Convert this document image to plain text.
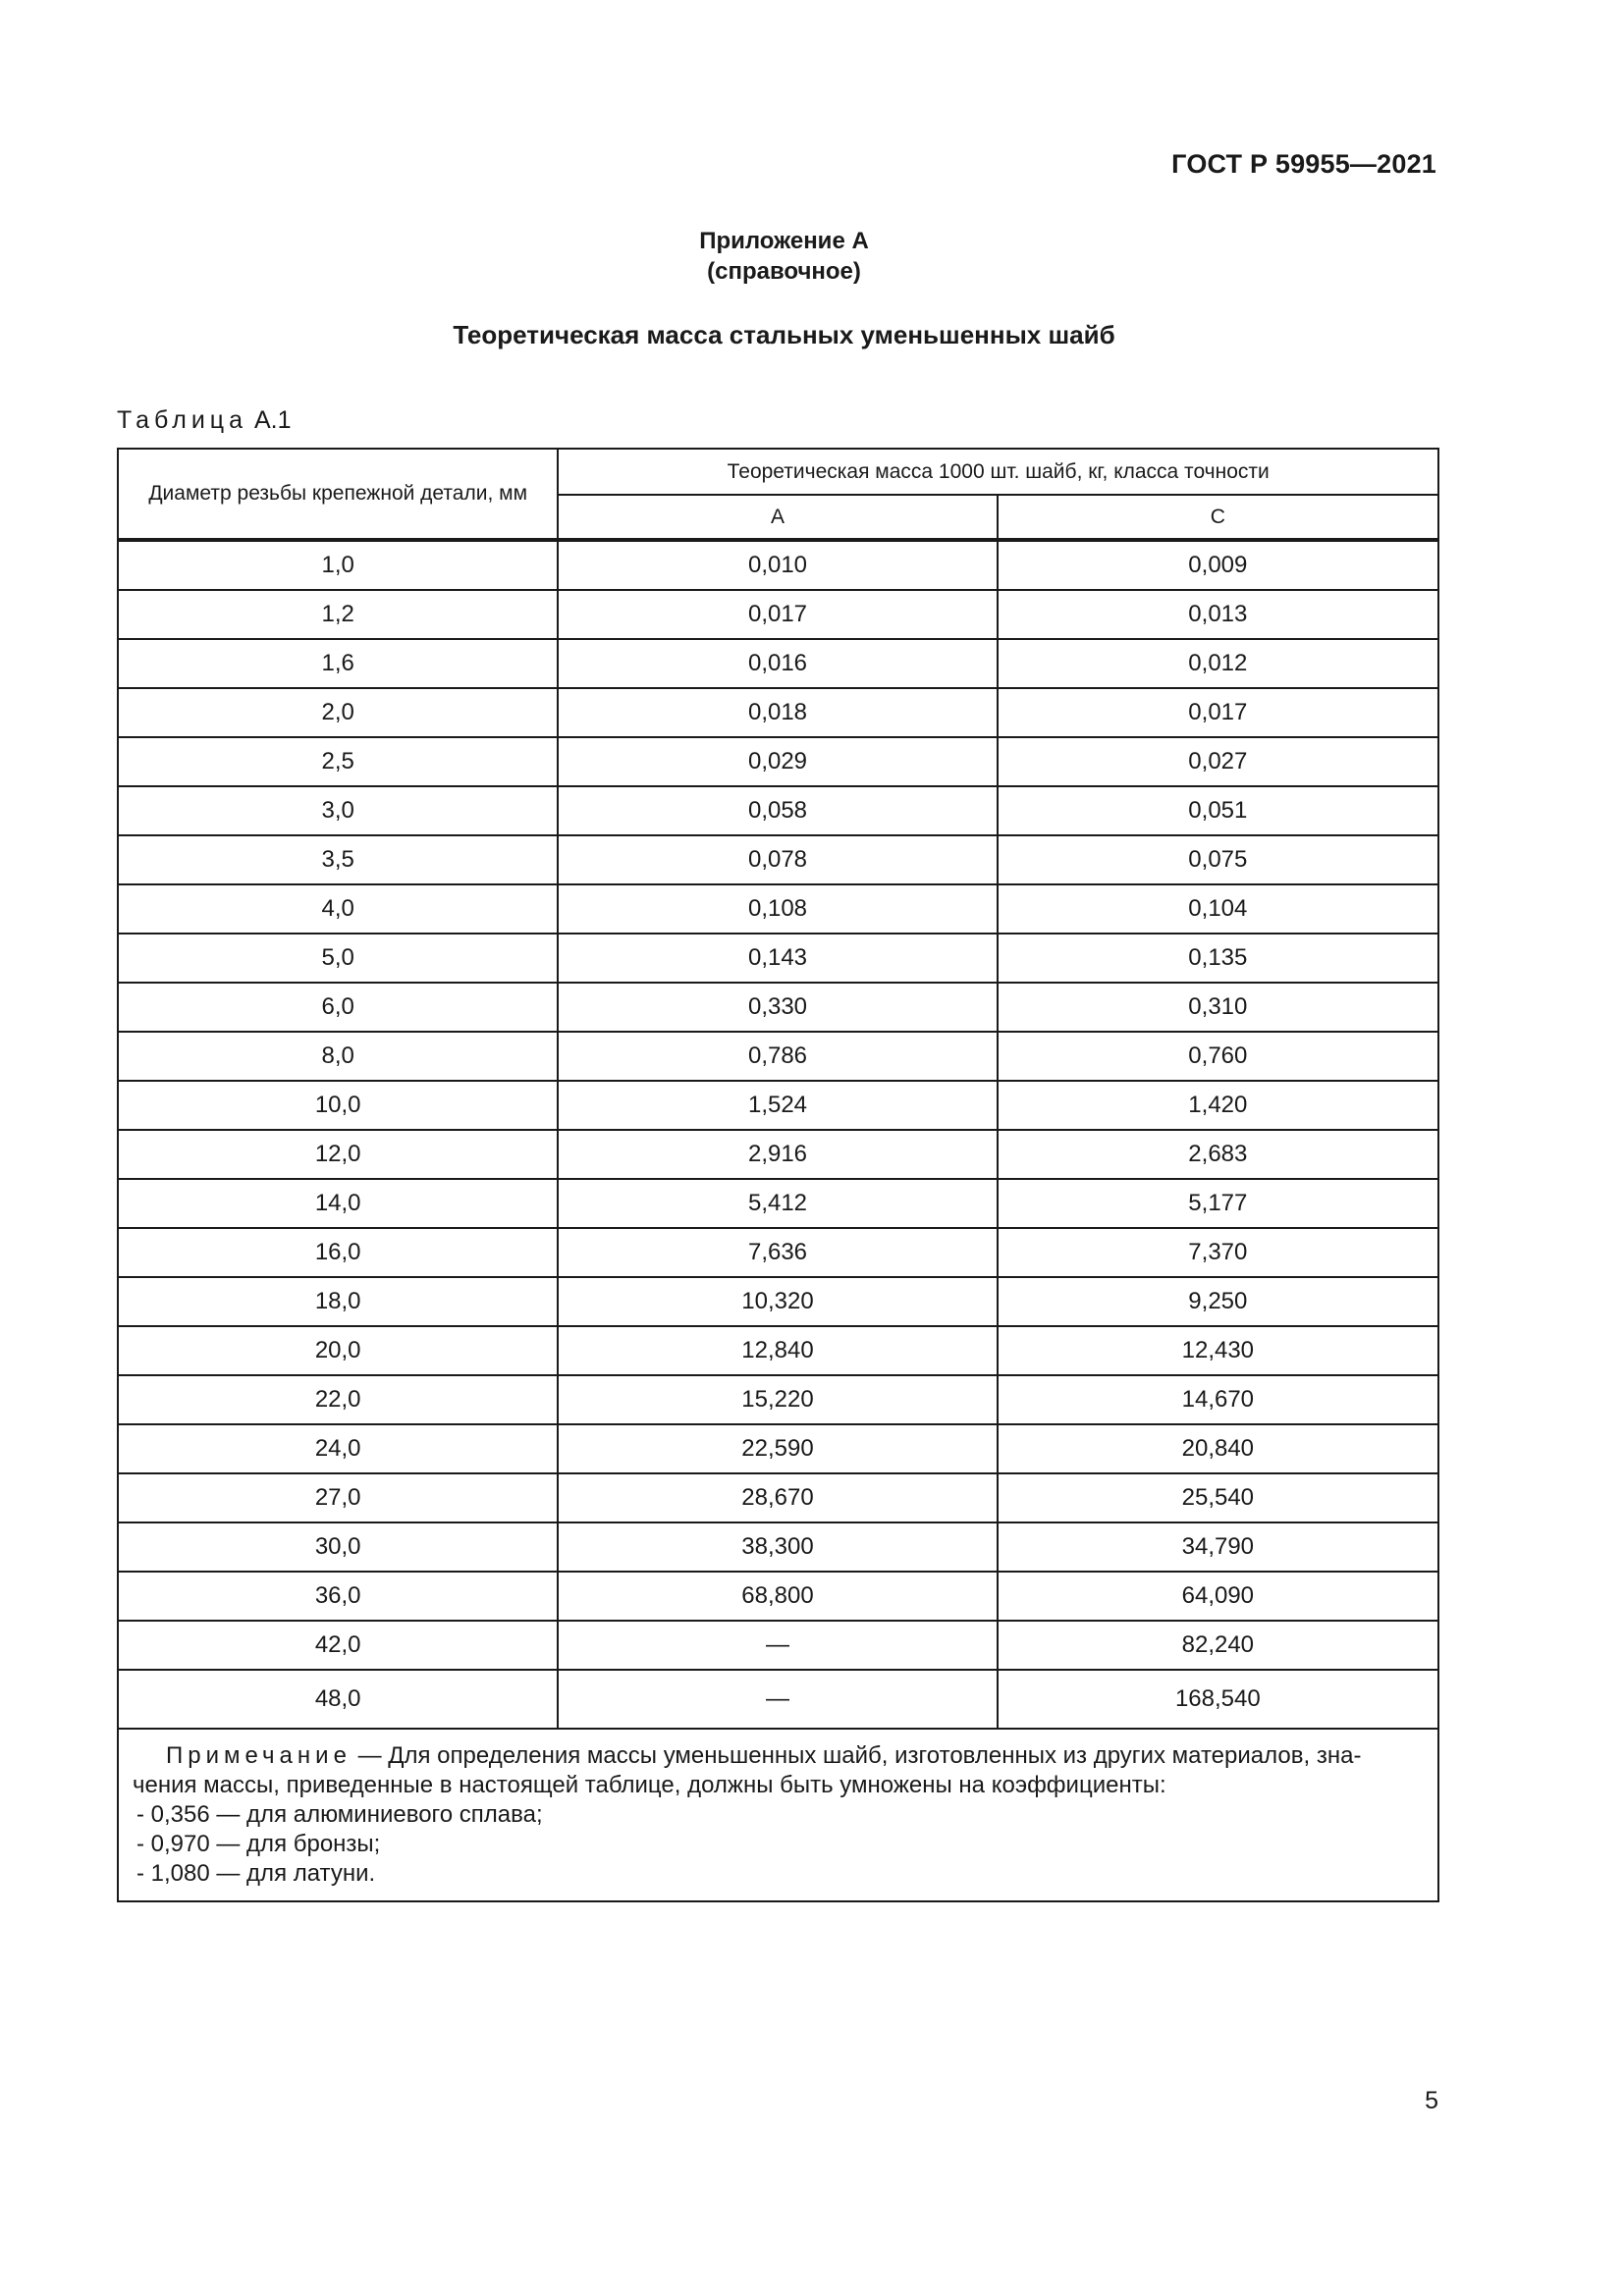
ГОСТ Р 59955—2021
Приложение А
(справочное)
Теоретическая масса стальных уменьшенных шайб
Таблица А.1
Диаметр резьбы крепежной детали, мм	Теоретическая масса 1000 шт. шайб, кг, класса точности	
	А	С
1,0	0,010	0,009
1,2	0,017	0,013
1,6	0,016	0,012
2,0	0,018	0,017
2,5	0,029	0,027
3,0	0,058	0,051
3,5	0,078	0,075
4,0	0,108	0,104
5,0	0,143	0,135
6,0	0,330	0,310
8,0	0,786	0,760
10,0	1,524	1,420
12,0	2,916	2,683
14,0	5,412	5,177
16,0	7,636	7,370
18,0	10,320	9,250
20,0	12,840	12,430
22,0	15,220	14,670
24,0	22,590	20,840
27,0	28,670	25,540
30,0	38,300	34,790
36,0	68,800	64,090
42,0	—	82,240
48,0	—	168,540

Примечание — Для определения массы уменьшенных шайб, изготовленных из других материалов, зна-
чения массы, приведенные в настоящей таблице, должны быть умножены на коэффициенты:
- 0,356 — для алюминиевого сплава;
- 0,970 — для бронзы;
- 1,080 — для латуни.		
5
